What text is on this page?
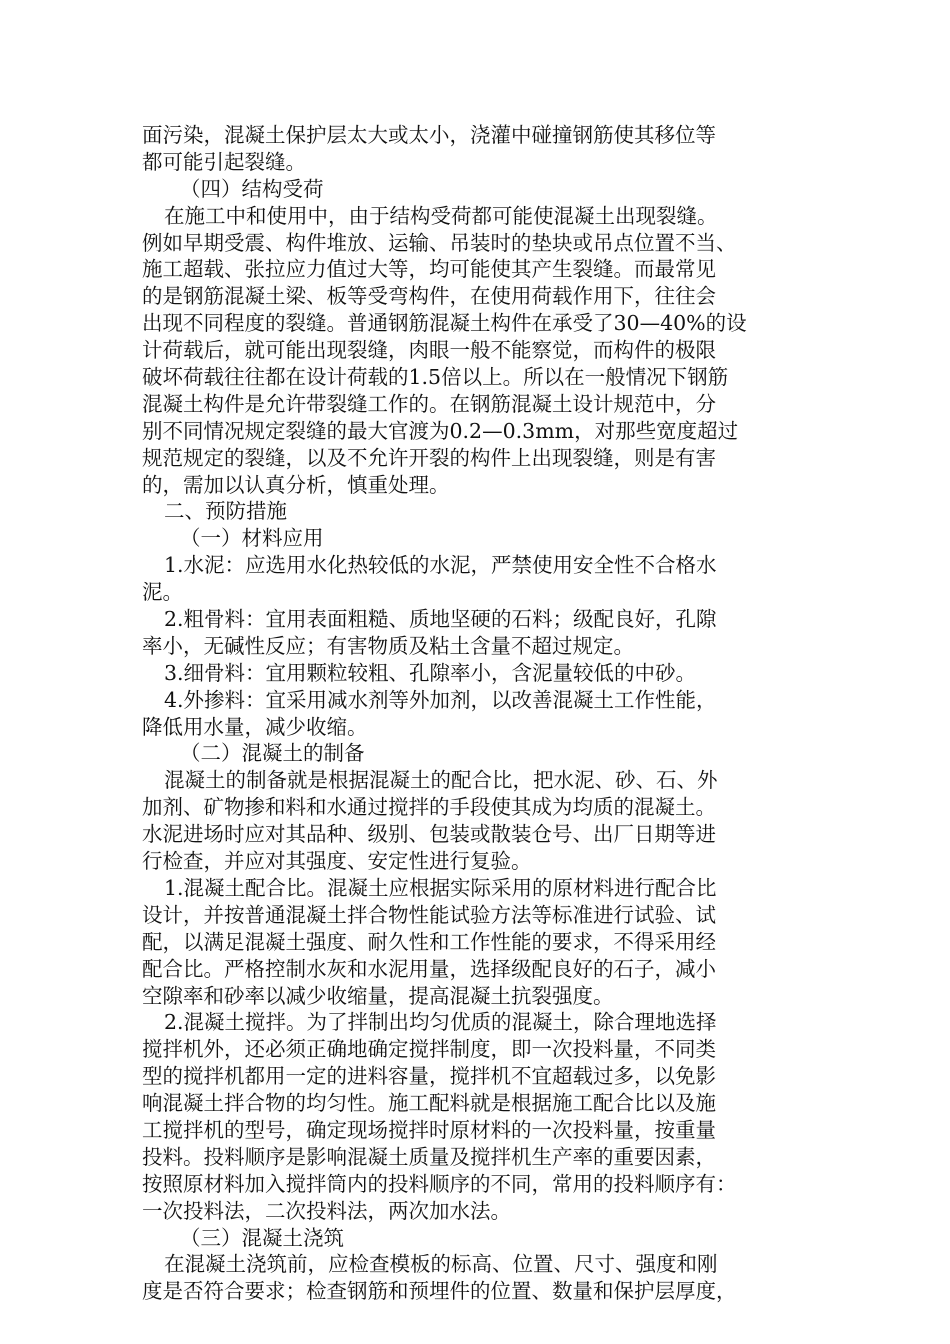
面污染，混凝土保护层太大或太小，浇灌中碰撞钢筋使其移位等
都可能引起裂缝。
（四）结构受荷
在施工中和使用中，由于结构受荷都可能使混凝土出现裂缝。
例如早期受震、构件堆放、运输、吊装时的垫块或吊点位置不当、
施工超载、张拉应力值过大等，均可能使其产生裂缝。而最常见
的是钢筋混凝土梁、板等受弯构件，在使用荷载作用下，往往会
出现不同程度的裂缝。普通钢筋混凝土构件在承受了30—40%的设
计荷载后，就可能出现裂缝，肉眼一般不能察觉，而构件的极限
破坏荷载往往都在设计荷载的1.5倍以上。所以在一般情况下钢筋
混凝土构件是允许带裂缝工作的。在钢筋混凝土设计规范中，分
别不同情况规定裂缝的最大官渡为0.2—0.3mm，对那些宽度超过
规范规定的裂缝，以及不允许开裂的构件上出现裂缝，则是有害
的，需加以认真分析，慎重处理。
二、预防措施
（一）材料应用
1.水泥：应选用水化热较低的水泥，严禁使用安全性不合格水
泥。
2.粗骨料：宜用表面粗糙、质地坚硬的石料；级配良好，孔隙
率小，无碱性反应；有害物质及粘土含量不超过规定。
3.细骨料：宜用颗粒较粗、孔隙率小，含泥量较低的中砂。
4.外掺料：宜采用减水剂等外加剂，以改善混凝土工作性能，
降低用水量，减少收缩。
（二）混凝土的制备
混凝土的制备就是根据混凝土的配合比，把水泥、砂、石、外
加剂、矿物掺和料和水通过搅拌的手段使其成为均质的混凝土。
水泥进场时应对其品种、级别、包装或散装仓号、出厂日期等进
行检查，并应对其强度、安定性进行复验。
1.混凝土配合比。混凝土应根据实际采用的原材料进行配合比
设计，并按普通混凝土拌合物性能试验方法等标准进行试验、试
配，以满足混凝土强度、耐久性和工作性能的要求，不得采用经
配合比。严格控制水灰和水泥用量，选择级配良好的石子，减小
空隙率和砂率以减少收缩量，提高混凝土抗裂强度。
2.混凝土搅拌。为了拌制出均匀优质的混凝土，除合理地选择
搅拌机外，还必须正确地确定搅拌制度，即一次投料量，不同类
型的搅拌机都用一定的进料容量，搅拌机不宜超载过多，以免影
响混凝土拌合物的均匀性。施工配料就是根据施工配合比以及施
工搅拌机的型号，确定现场搅拌时原材料的一次投料量，按重量
投料。投料顺序是影响混凝土质量及搅拌机生产率的重要因素，
按照原材料加入搅拌筒内的投料顺序的不同，常用的投料顺序有：
一次投料法，二次投料法，两次加水法。
（三）混凝土浇筑
在混凝土浇筑前，应检查模板的标高、位置、尺寸、强度和刚
度是否符合要求；检查钢筋和预埋件的位置、数量和保护层厚度，
